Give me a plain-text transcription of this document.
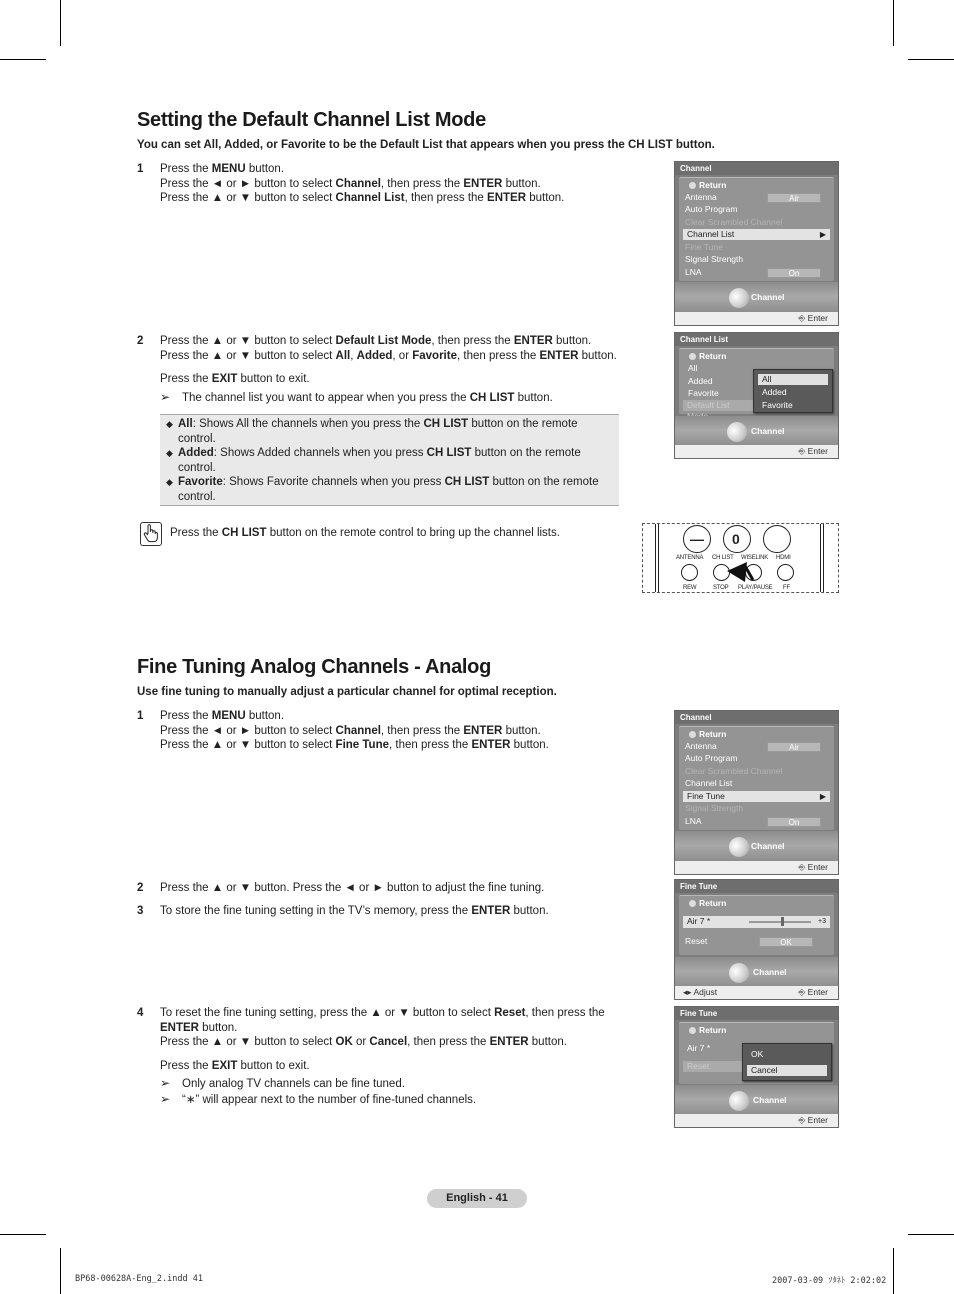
Setting the Default Channel List Mode
You can set All, Added, or Favorite to be the Default List that appears when you press the CH LIST button.
1 Press the MENU button.

Press the ◄ or ► button to select Channel, then press the ENTER button.

Press the ▲ or ▼ button to select Channel List, then press the ENTER button.

2 Press the ▲ or ▼ button to select Default List Mode, then press the ENTER button.

Press the ▲ or ▼ button to select All, Added, or Favorite, then press the ENTER button.

Press the EXIT button to exit.

➢ The channel list you want to appear when you press the CH LIST button.
◆ All: Shows All the channels when you press the CH LIST button on the remote control.
◆ Added: Shows Added channels when you press CH LIST button on the remote control.
◆ Favorite: Shows Favorite channels when you press CH LIST button on the remote control.
Press the CH LIST button on the remote control to bring up the channel lists.	— 0
ANTENNA CH LIST WISELINK HDMI
REW	STOP PLAY/PAUSE FF
Channel
Return
Antenna	Air
Auto Program
Clear Scrambled Channel
Channel List	▶
Fine Tune
Signal Strength
LNA	On
Channel
⎆ Enter
Channel List
Return
All
Added
Favorite
Default List
All
Added
Favorite
Channel
⎆ Enter
Fine Tuning Analog Channels - Analog
Use fine tuning to manually adjust a particular channel for optimal reception.
1 Press the MENU button.

Press the ◄ or ► button to select Channel, then press the ENTER button.

Press the ▲ or ▼ button to select Fine Tune, then press the ENTER button.

2 Press the ▲ or ▼ button. Press the ◄ or ► button to adjust the fine tuning.

3 To store the fine tuning setting in the TV’s memory, press the ENTER button.

4 To reset the fine tuning setting, press the ▲ or ▼ button to select Reset, then press the ENTER button.

Press the ▲ or ▼ button to select OK or Cancel, then press the ENTER button.

Press the EXIT button to exit.

➢ Only analog TV channels can be fine tuned.
➢ “∗” will appear next to the number of fine-tuned channels.
Channel
Return
Antenna	Air
Auto Program
Clear Scrambled Channel
Channel List
Fine Tune	▶
Signal Strength
LNA	On
Channel
⎆ Enter
Fine Tune
Return
Air 7 *	+3
Reset	OK
Channel
◂▸ Adjust	⎆ Enter
Fine Tune
Return
Air 7 *
Reset
OK
Cancel
Channel
⎆ Enter
English - 41
BP68-00628A-Eng_2.indd 41	2007-03-09 ｿﾀﾈﾄ 2:02:02
